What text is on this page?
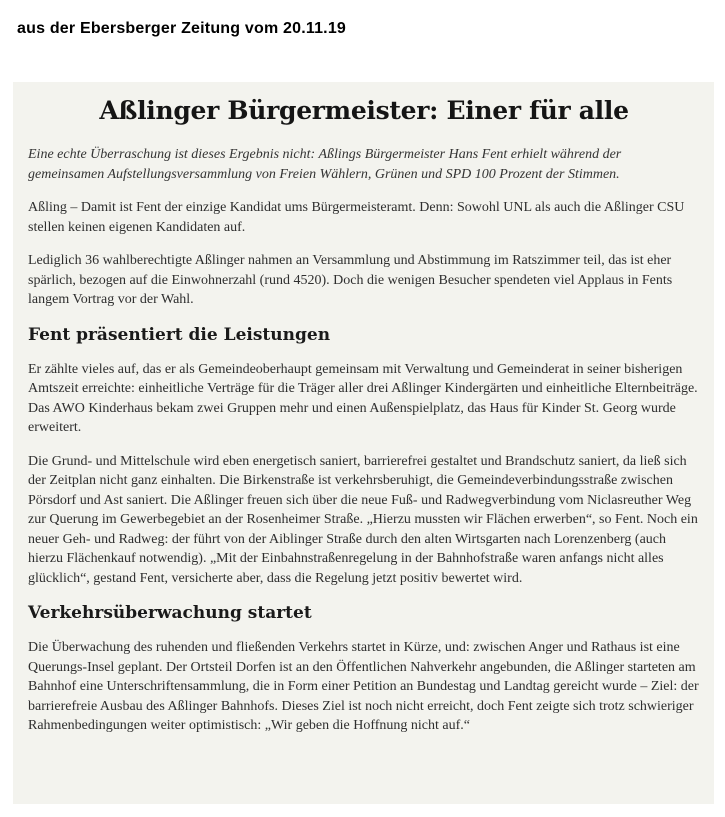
aus der Ebersberger Zeitung vom 20.11.19
Aßlinger Bürgermeister: Einer für alle

Eine echte Überraschung ist dieses Ergebnis nicht: Aßlings Bürgermeister Hans Fent erhielt während der gemeinsamen Aufstellungsversammlung von Freien Wählern, Grünen und SPD 100 Prozent der Stimmen.

Aßling – Damit ist Fent der einzige Kandidat ums Bürgermeisteramt. Denn: Sowohl UNL als auch die Aßlinger CSU stellen keinen eigenen Kandidaten auf.

Lediglich 36 wahlberechtigte Aßlinger nahmen an Versammlung und Abstimmung im Ratszimmer teil, das ist eher spärlich, bezogen auf die Einwohnerzahl (rund 4520). Doch die wenigen Besucher spendeten viel Applaus in Fents langem Vortrag vor der Wahl.

Fent präsentiert die Leistungen

Er zählte vieles auf, das er als Gemeindeoberhaupt gemeinsam mit Verwaltung und Gemeinderat in seiner bisherigen Amtszeit erreichte: einheitliche Verträge für die Träger aller drei Aßlinger Kindergärten und einheitliche Elternbeiträge. Das AWO Kinderhaus bekam zwei Gruppen mehr und einen Außenspielplatz, das Haus für Kinder St. Georg wurde erweitert.

Die Grund- und Mittelschule wird eben energetisch saniert, barrierefrei gestaltet und Brandschutz saniert, da ließ sich der Zeitplan nicht ganz einhalten. Die Birkenstraße ist verkehrsberuhigt, die Gemeindeverbindungsstraße zwischen Pörsdorf und Ast saniert. Die Aßlinger freuen sich über die neue Fuß- und Radwegverbindung vom Niclasreuther Weg zur Querung im Gewerbegebiet an der Rosenheimer Straße. „Hierzu mussten wir Flächen erwerben“, so Fent. Noch ein neuer Geh- und Radweg: der führt von der Aiblinger Straße durch den alten Wirtsgarten nach Lorenzenberg (auch hierzu Flächenkauf notwendig). „Mit der Einbahnstraßenregelung in der Bahnhofstraße waren anfangs nicht alles glücklich“, gestand Fent, versicherte aber, dass die Regelung jetzt positiv bewertet wird.

Verkehrsüberwachung startet

Die Überwachung des ruhenden und fließenden Verkehrs startet in Kürze, und: zwischen Anger und Rathaus ist eine Querungs-Insel geplant. Der Ortsteil Dorfen ist an den Öffentlichen Nahverkehr angebunden, die Aßlinger starteten am Bahnhof eine Unterschriftensammlung, die in Form einer Petition an Bundestag und Landtag gereicht wurde – Ziel: der barrierefreie Ausbau des Aßlinger Bahnhofs. Dieses Ziel ist noch nicht erreicht, doch Fent zeigte sich trotz schwieriger Rahmenbedingungen weiter optimistisch: „Wir geben die Hoffnung nicht auf.“
